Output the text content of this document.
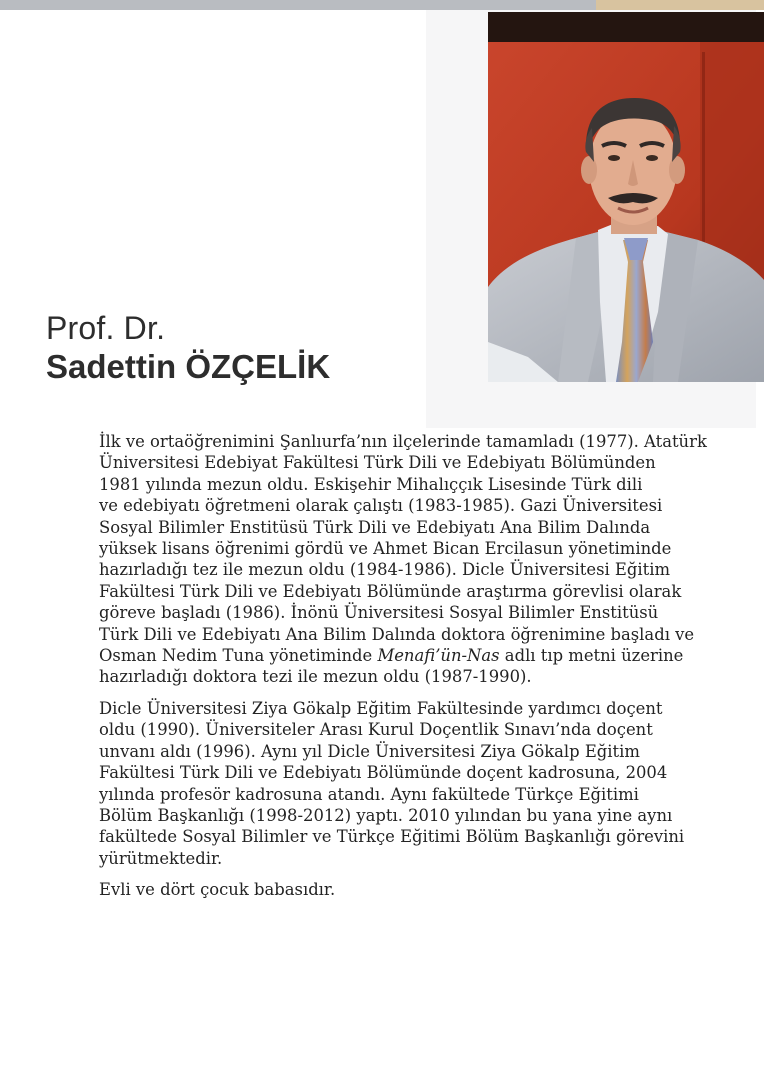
Prof. Dr.
Sadettin ÖZÇELİK

İlk ve ortaöğrenimini Şanlıurfa’nın ilçelerinde tamamladı (1977). Atatürk
Üniversitesi Edebiyat Fakültesi Türk Dili ve Edebiyatı Bölümünden
1981 yılında mezun oldu. Eskişehir Mihalıççık Lisesinde Türk dili
ve edebiyatı öğretmeni olarak çalıştı (1983-1985). Gazi Üniversitesi
Sosyal Bilimler Enstitüsü Türk Dili ve Edebiyatı Ana Bilim Dalında
yüksek lisans öğrenimi gördü ve Ahmet Bican Ercilasun yönetiminde
hazırladığı tez ile mezun oldu (1984-1986). Dicle Üniversitesi Eğitim
Fakültesi Türk Dili ve Edebiyatı Bölümünde araştırma görevlisi olarak
göreve başladı (1986). İnönü Üniversitesi Sosyal Bilimler Enstitüsü
Türk Dili ve Edebiyatı Ana Bilim Dalında doktora öğrenimine başladı ve
Osman Nedim Tuna yönetiminde Menafi’ün-Nas adlı tıp metni üzerine
hazırladığı doktora tezi ile mezun oldu (1987-1990).

Dicle Üniversitesi Ziya Gökalp Eğitim Fakültesinde yardımcı doçent
oldu (1990). Üniversiteler Arası Kurul Doçentlik Sınavı’nda doçent
unvanı aldı (1996). Aynı yıl Dicle Üniversitesi Ziya Gökalp Eğitim
Fakültesi Türk Dili ve Edebiyatı Bölümünde doçent kadrosuna, 2004
yılında profesör kadrosuna atandı. Aynı fakültede Türkçe Eğitimi
Bölüm Başkanlığı (1998-2012) yaptı. 2010 yılından bu yana yine aynı
fakültede Sosyal Bilimler ve Türkçe Eğitimi Bölüm Başkanlığı görevini
yürütmektedir.

Evli ve dört çocuk babasıdır.
